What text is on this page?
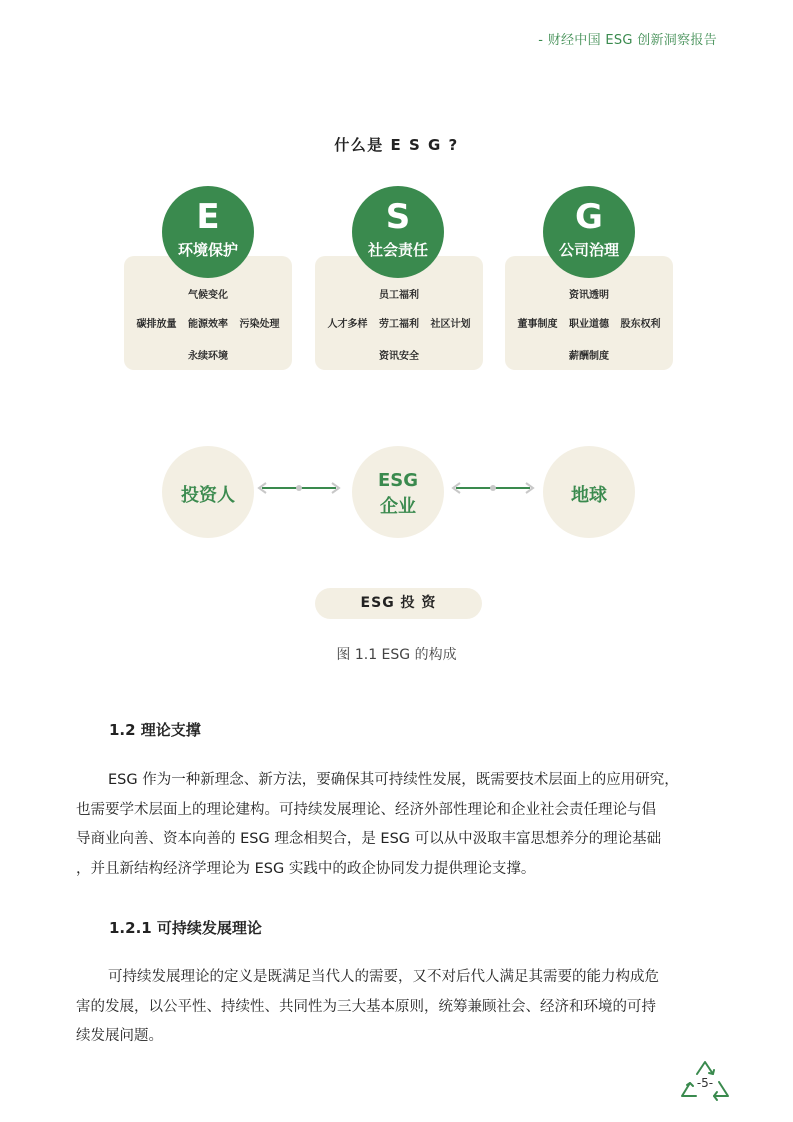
- 财经中国 ESG 创新洞察报告
什么是 E S G ?
气候变化
碳排放量 能源效率 污染处理
永续环境
E
环境保护
员工福利
人才多样 劳工福利 社区计划
资讯安全
S
社会责任
资讯透明
董事制度 职业道德 股东权利
薪酬制度
G
公司治理
投资人
ESG
企业
地球
ESG 投 资
图 1.1 ESG 的构成
1.2 理论支撑
ESG 作为一种新理念、新方法，要确保其可持续性发展，既需要技术层面上的应用研究，
也需要学术层面上的理论建构。可持续发展理论、经济外部性理论和企业社会责任理论与倡
导商业向善、资本向善的 ESG 理念相契合，是 ESG 可以从中汲取丰富思想养分的理论基础
，并且新结构经济学理论为 ESG 实践中的政企协同发力提供理论支撑。
1.2.1 可持续发展理论
可持续发展理论的定义是既满足当代人的需要，又不对后代人满足其需要的能力构成危
害的发展，以公平性、持续性、共同性为三大基本原则，统筹兼顾社会、经济和环境的可持
续发展问题。
-5-
